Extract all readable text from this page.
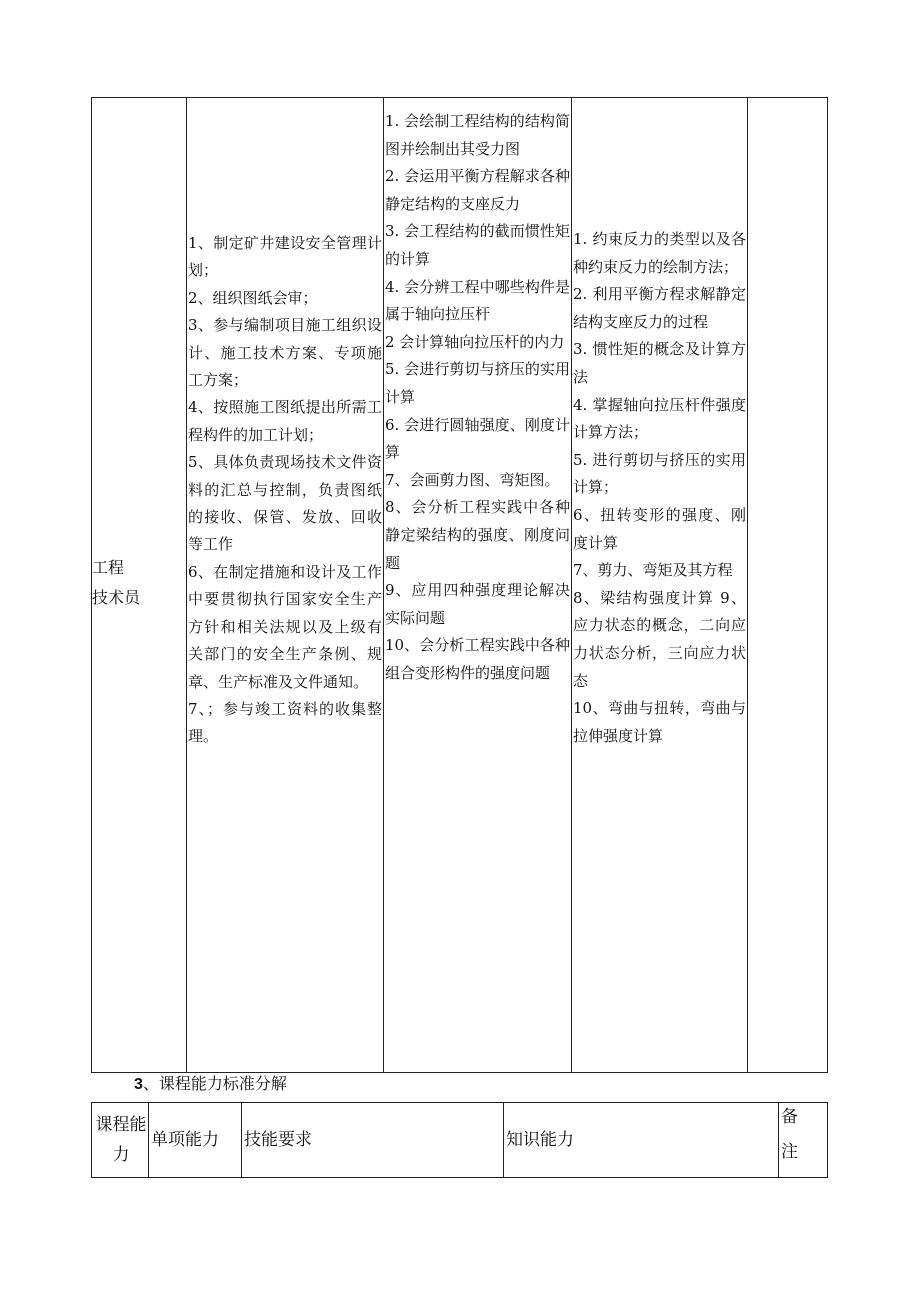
工程
技术员
1、制定矿井建设安全管理计划；
2、组织图纸会审；
3、参与编制项目施工组织设计、施工技术方案、专项施工方案；
4、按照施工图纸提出所需工程构件的加工计划；
5、具体负责现场技术文件资料的汇总与控制，负责图纸的接收、保管、发放、回收等工作
6、在制定措施和设计及工作中要贯彻执行国家安全生产方针和相关法规以及上级有关部门的安全生产条例、规章、生产标准及文件通知。
7、；参与竣工资料的收集整理。
1. 会绘制工程结构的结构简图并绘制出其受力图
2. 会运用平衡方程解求各种静定结构的支座反力
3. 会工程结构的截而惯性矩的计算
4. 会分辨工程中哪些构件是属于轴向拉压杆
2 会计算轴向拉压杆的内力
5. 会进行剪切与挤压的实用计算
6. 会进行圆轴强度、刚度计算
7、会画剪力图、弯矩图。
8、会分析工程实践中各种静定梁结构的强度、刚度问题
9、应用四种强度理论解决实际问题
10、会分析工程实践中各种组合变形构件的强度问题
1. 约束反力的类型以及各种约束反力的绘制方法；
2. 利用平衡方程求解静定结构支座反力的过程
3. 惯性矩的概念及计算方法
4. 掌握轴向拉压杆件强度计算方法；
5. 进行剪切与挤压的实用计算；
6、扭转变形的强度、刚度计算
7、剪力、弯矩及其方程
8、梁结构强度计算 9、应力状态的概念，二向应力状态分析，三向应力状态
10、弯曲与扭转，弯曲与拉伸强度计算
3、课程能力标准分解
课程能
力
单项能力 技能要求	知识能力
备
注
